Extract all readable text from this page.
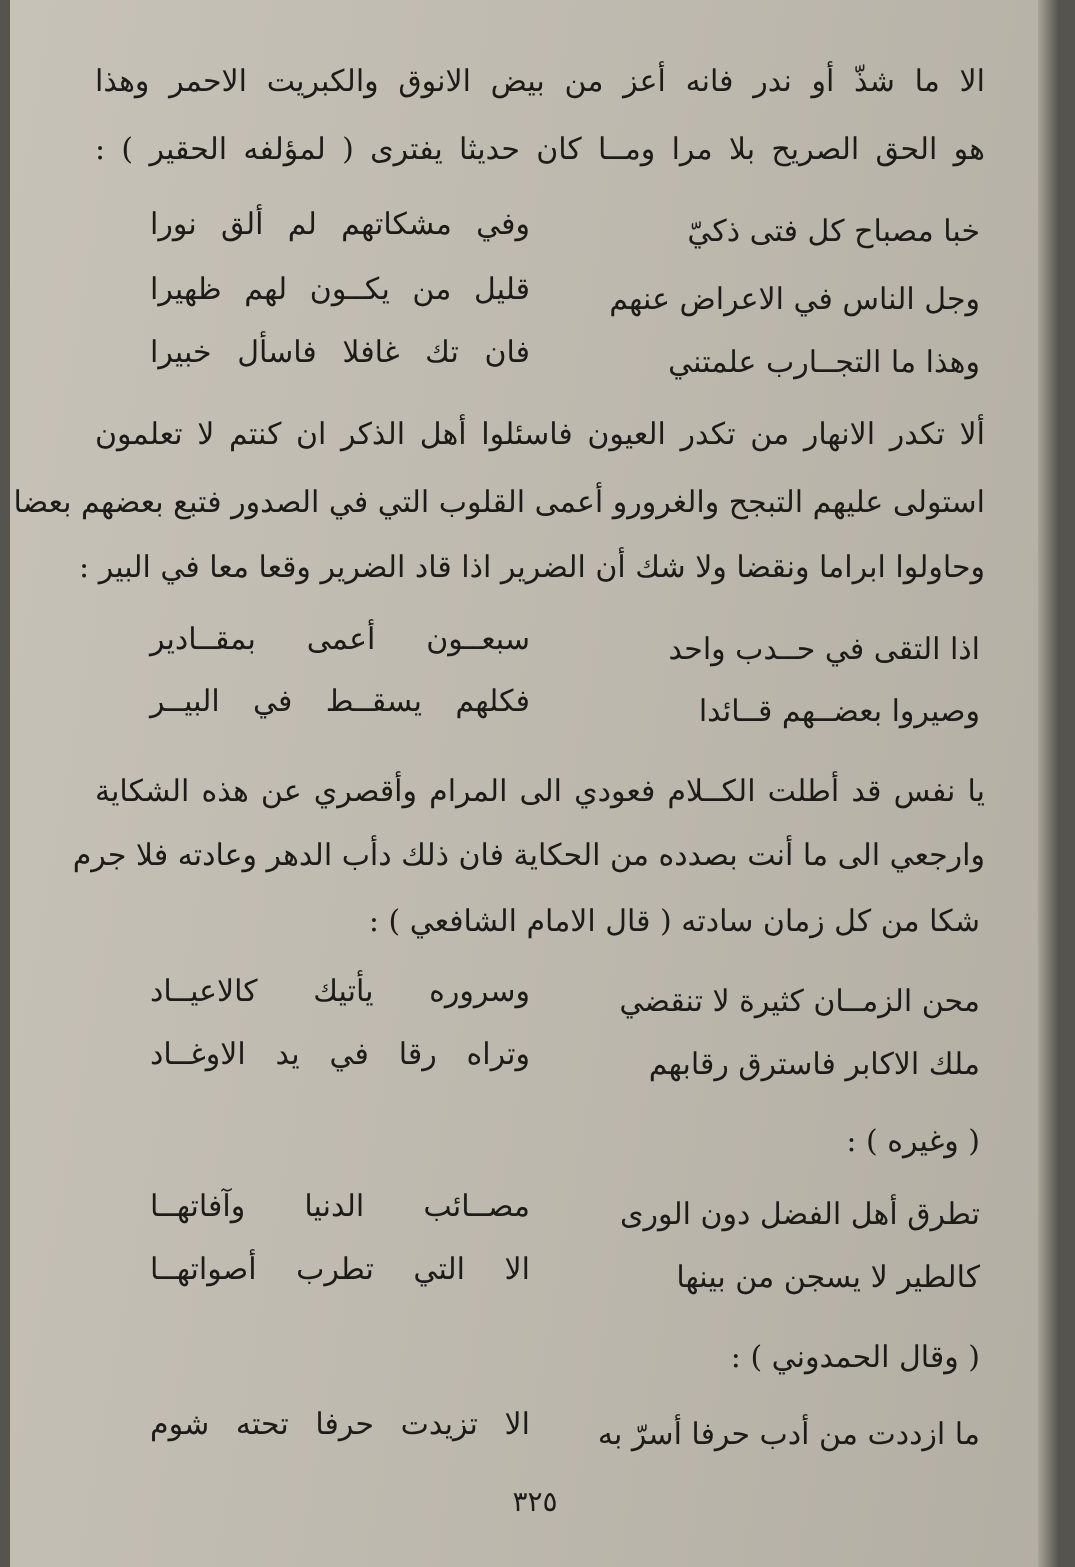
الا ما شذّ أو ندر فانه أعز من بيض الانوق والكبريت الاحمر وهذا
هو الحق الصريح بلا مرا ومــا كان حديثا يفترى ( لمؤلفه الحقير ) :
خبا مصباح كل فتى ذكيّ
وفي مشكاتهم لم ألق نورا
وجل الناس في الاعراض عنهم
قليل من يكــون لهم ظهيرا
وهذا ما التجــارب علمتني
فان تك غافلا فاسأل خبيرا
ألا تكدر الانهار من تكدر العيون فاسئلوا أهل الذكر ان كنتم لا تعلمون
استولى عليهم التبجح والغرورو أعمى القلوب التي في الصدور فتبع بعضهم بعضا
وحاولوا ابراما ونقضا ولا شك أن الضرير اذا قاد الضرير وقعا معا في البير :
اذا التقى في حــدب واحد
سبعــون أعمى بمقــادير
وصيروا بعضــهم قــائدا
فكلهم يسقــط في البيــر
يا نفس قد أطلت الكــلام فعودي الى المرام وأقصري عن هذه الشكاية
وارجعي الى ما أنت بصدده من الحكاية فان ذلك دأب الدهر وعادته فلا جرم
شكا من كل زمان سادته ( قال الامام الشافعي ) :
محن الزمــان كثيرة لا تنقضي
وسروره يأتيك كالاعيــاد
ملك الاكابر فاسترق رقابهم
وتراه رقا في يد الاوغــاد
( وغيره ) :
تطرق أهل الفضل دون الورى
مصــائب الدنيا وآفاتهــا
كالطير لا يسجن من بينها
الا التي تطرب أصواتهــا
( وقال الحمدوني ) :
ما ازددت من أدب حرفا أسرّ به
الا تزيدت حرفا تحته شوم
٣٢٥
